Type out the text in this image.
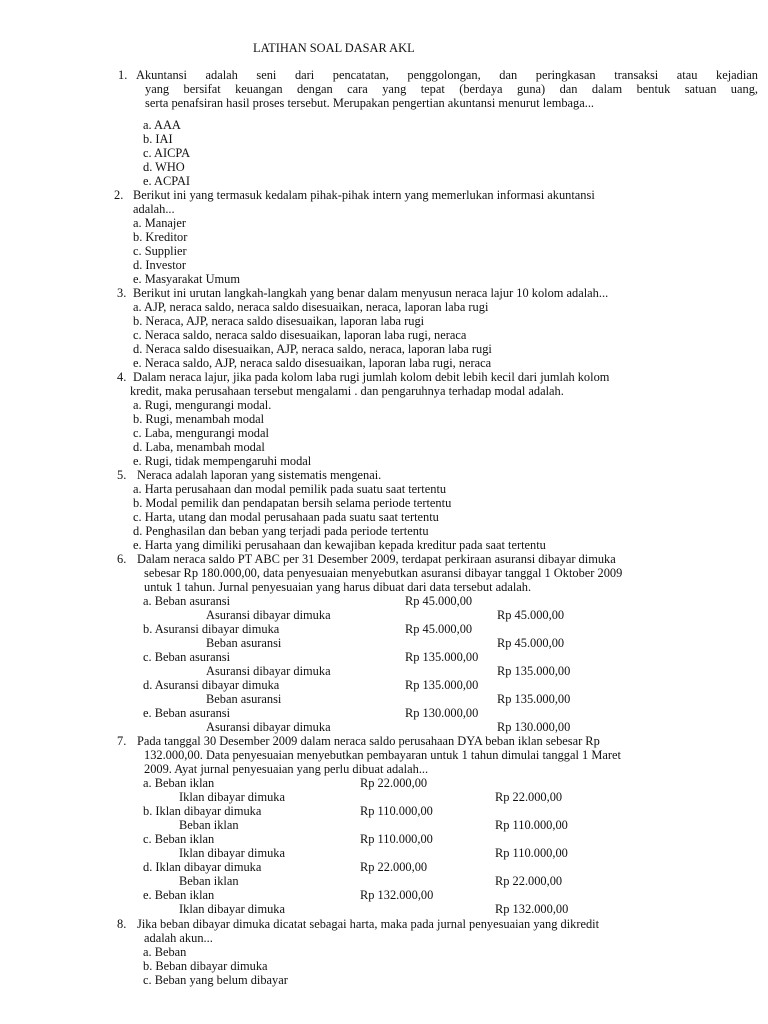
LATIHAN SOAL DASAR AKL
1. Akuntansi adalah seni dari pencatatan, penggolongan, dan peringkasan transaksi atau kejadian
yang bersifat keuangan dengan cara yang tepat (berdaya guna) dan dalam bentuk satuan uang,
serta penafsiran hasil proses tersebut. Merupakan pengertian akuntansi menurut lembaga...
a. AAA
b. IAI
c. AICPA
d. WHO
e. ACPAI
2. Berikut ini yang termasuk kedalam pihak-pihak intern yang memerlukan informasi akuntansi
adalah...
a. Manajer
b. Kreditor
c. Supplier
d. Investor
e. Masyarakat Umum
3. Berikut ini urutan langkah-langkah yang benar dalam menyusun neraca lajur 10 kolom adalah...
a. AJP, neraca saldo, neraca saldo disesuaikan, neraca, laporan laba rugi
b. Neraca, AJP, neraca saldo disesuaikan, laporan laba rugi
c. Neraca saldo, neraca saldo disesuaikan, laporan laba rugi, neraca
d. Neraca saldo disesuaikan, AJP, neraca saldo, neraca, laporan laba rugi
e. Neraca saldo, AJP, neraca saldo disesuaikan, laporan laba rugi, neraca
4. Dalam neraca lajur, jika pada kolom laba rugi jumlah kolom debit lebih kecil dari jumlah kolom
kredit, maka perusahaan tersebut mengalami . dan pengaruhnya terhadap modal adalah.
a. Rugi, mengurangi modal.
b. Rugi, menambah modal
c. Laba, mengurangi modal
d. Laba, menambah modal
e. Rugi, tidak mempengaruhi modal
5. Neraca adalah laporan yang sistematis mengenai.
a. Harta perusahaan dan modal pemilik pada suatu saat tertentu
b. Modal pemilik dan pendapatan bersih selama periode tertentu
c. Harta, utang dan modal perusahaan pada suatu saat tertentu
d. Penghasilan dan beban yang terjadi pada periode tertentu
e. Harta yang dimiliki perusahaan dan kewajiban kepada kreditur pada saat tertentu
6. Dalam neraca saldo PT ABC per 31 Desember 2009, terdapat perkiraan asuransi dibayar dimuka
sebesar Rp 180.000,00, data penyesuaian menyebutkan asuransi dibayar tanggal 1 Oktober 2009
untuk 1 tahun. Jurnal penyesuaian yang harus dibuat dari data tersebut adalah.
a. Beban asuransi	Rp 45.000,00
Asuransi dibayar dimuka	Rp 45.000,00
b. Asuransi dibayar dimuka	Rp 45.000,00
Beban asuransi	Rp 45.000,00
c. Beban asuransi	Rp 135.000,00
Asuransi dibayar dimuka	Rp 135.000,00
d. Asuransi dibayar dimuka	Rp 135.000,00
Beban asuransi	Rp 135.000,00
e. Beban asuransi	Rp 130.000,00
Asuransi dibayar dimuka	Rp 130.000,00
7. Pada tanggal 30 Desember 2009 dalam neraca saldo perusahaan DYA beban iklan sebesar Rp
132.000,00. Data penyesuaian menyebutkan pembayaran untuk 1 tahun dimulai tanggal 1 Maret
2009. Ayat jurnal penyesuaian yang perlu dibuat adalah...
a. Beban iklan	Rp 22.000,00
Iklan dibayar dimuka	Rp 22.000,00
b. Iklan dibayar dimuka	Rp 110.000,00
Beban iklan	Rp 110.000,00
c. Beban iklan	Rp 110.000,00
Iklan dibayar dimuka	Rp 110.000,00
d. Iklan dibayar dimuka	Rp 22.000,00
Beban iklan	Rp 22.000,00
e. Beban iklan	Rp 132.000,00
Iklan dibayar dimuka	Rp 132.000,00
8. Jika beban dibayar dimuka dicatat sebagai harta, maka pada jurnal penyesuaian yang dikredit
adalah akun...
a. Beban
b. Beban dibayar dimuka
c. Beban yang belum dibayar
